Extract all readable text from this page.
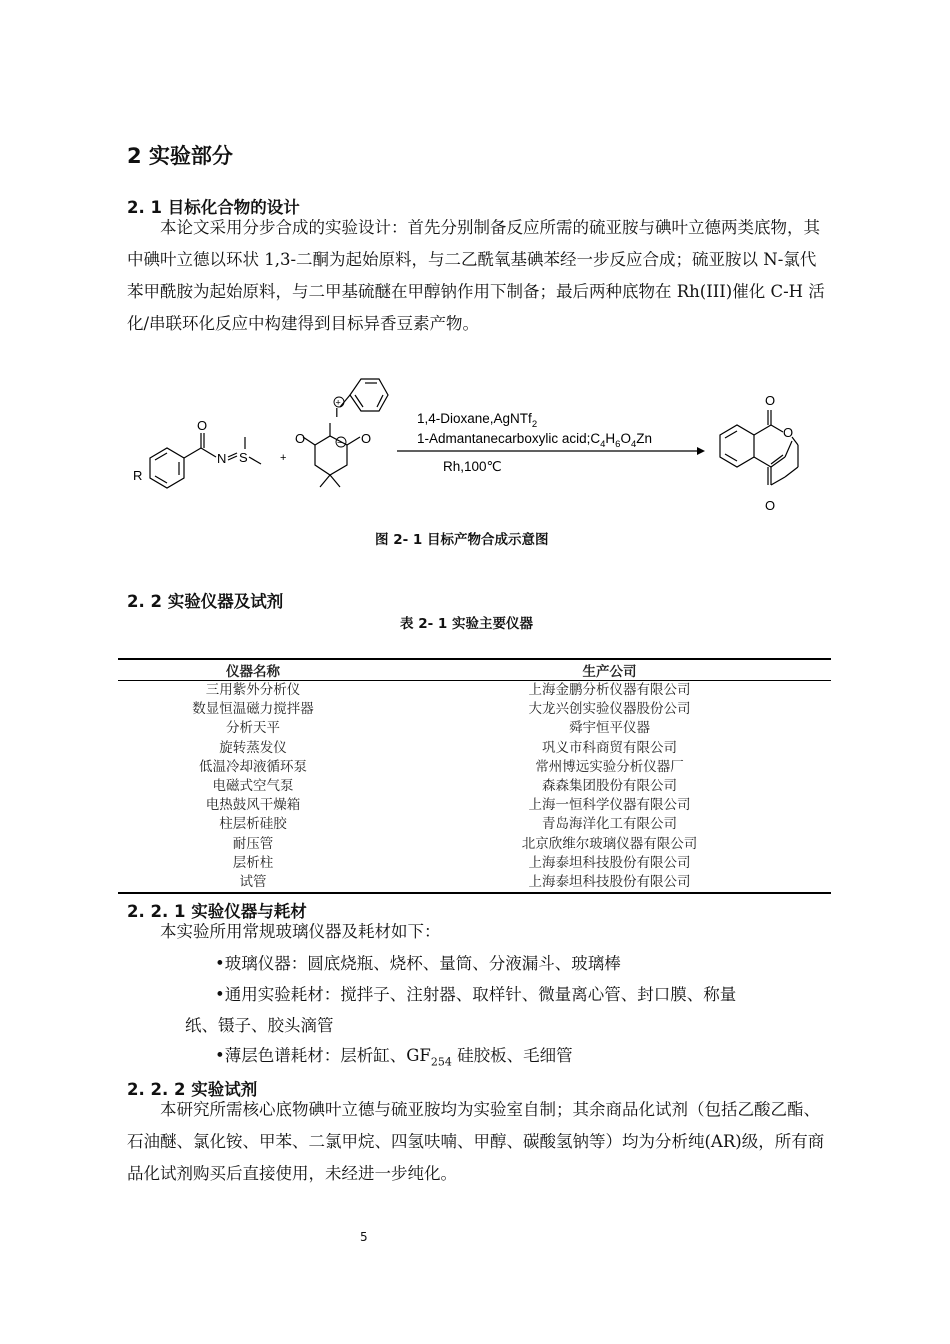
2 实验部分
2. 1 目标化合物的设计

本论文采用分步合成的实验设计：首先分别制备反应所需的硫亚胺与碘叶立德两类底物，其中碘叶立德以环状 1,3-二酮为起始原料，与二乙酰氧基碘苯经一步反应合成；硫亚胺以 N-氯代苯甲酰胺为起始原料，与二甲基硫醚在甲醇钠作用下制备；最后两种底物在 Rh(III)催化 C-H 活化/串联环化反应中构建得到目标异香豆素产物。

O
N S
R
+
O	O
I
+
−
O
O
O
1,4-Dioxane,AgNTf$_2$
1-Admantanecarboxylic $acid;C_4H_6O_4Zn$
Rh,100℃
图 2- 1 目标产物合成示意图
2. 2 实验仪器及试剂
表 2- 1 实验主要仪器
仪器名称	生产公司
三用紫外分析仪	上海金鹏分析仪器有限公司
数显恒温磁力搅拌器	大龙兴创实验仪器股份公司
分析天平	舜宇恒平仪器
旋转蒸发仪	巩义市科商贸有限公司
低温冷却液循环泵	常州博远实验分析仪器厂
电磁式空气泵	森森集团股份有限公司
电热鼓风干燥箱	上海一恒科学仪器有限公司
柱层析硅胶	青岛海洋化工有限公司
耐压管	北京欣维尔玻璃仪器有限公司
层析柱	上海泰坦科技股份有限公司
试管	上海泰坦科技股份有限公司
2. 2. 1 实验仪器与耗材
本实验所用常规玻璃仪器及耗材如下：
•玻璃仪器：圆底烧瓶、烧杯、量筒、分液漏斗、玻璃棒
•通用实验耗材：搅拌子、注射器、取样针、微量离心管、封口膜、称量
纸、镊子、胶头滴管
•薄层色谱耗材：层析缸、$GF_{254}$ 硅胶板、毛细管
2. 2. 2 实验试剂

本研究所需核心底物碘叶立德与硫亚胺均为实验室自制；其余商品化试剂（包括乙酸乙酯、石油醚、氯化铵、甲苯、二氯甲烷、四氢呋喃、甲醇、碳酸氢钠等）均为分析纯(AR)级，所有商品化试剂购买后直接使用，未经进一步纯化。

5
